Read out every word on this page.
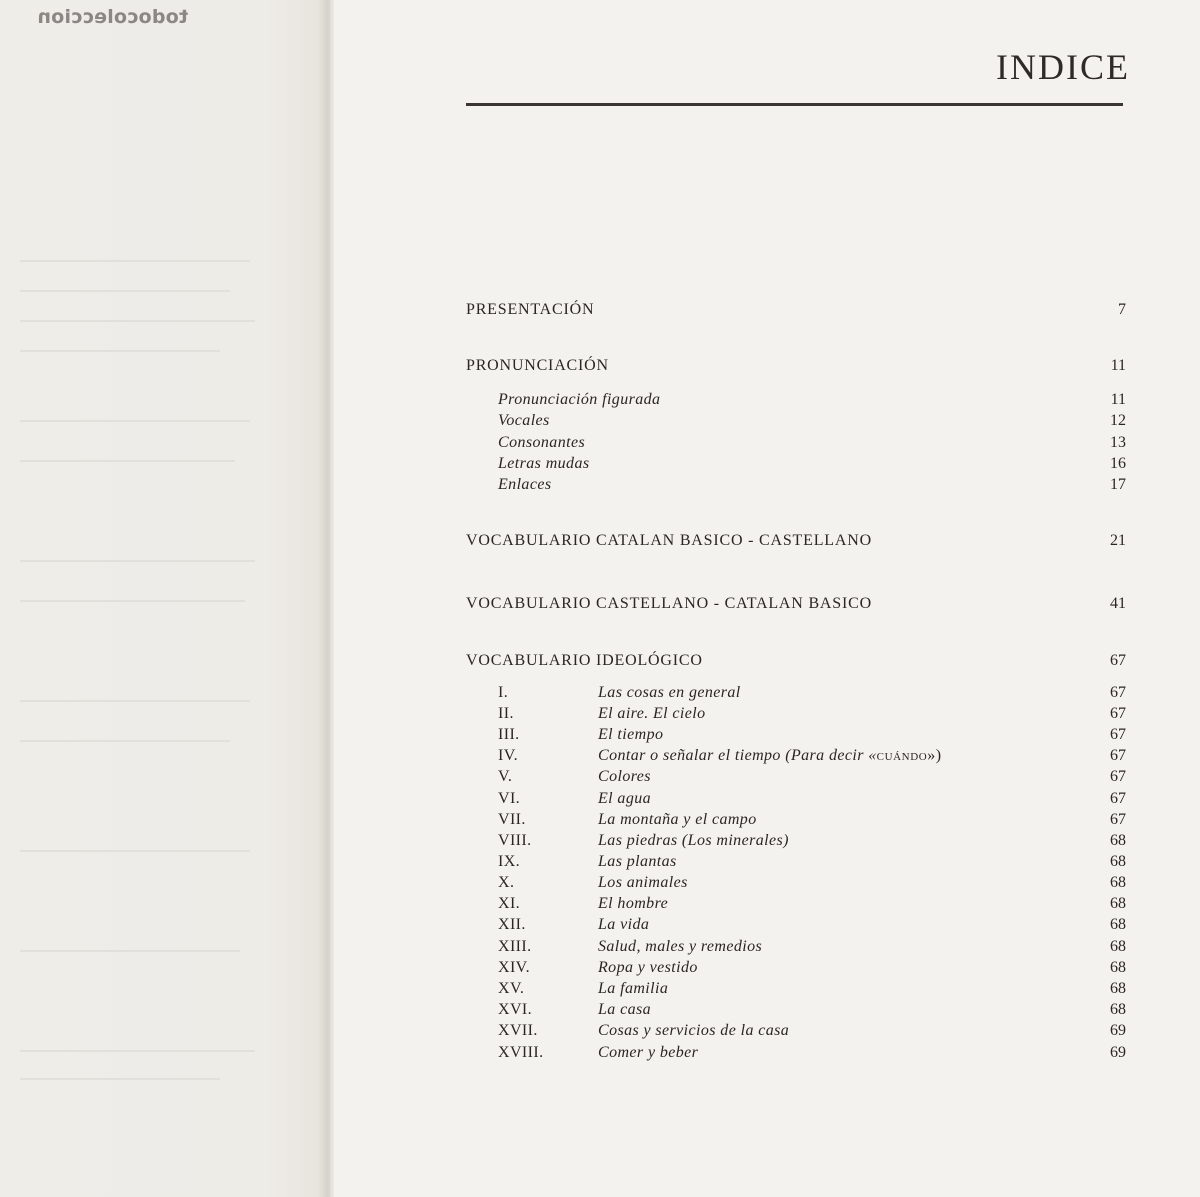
todocoleccion
INDICE
PRESENTACIÓN	7
PRONUNCIACIÓN	11
Pronunciación figurada	11
Vocales	12
Consonantes	13
Letras mudas	16
Enlaces	17
VOCABULARIO CATALAN BASICO - CASTELLANO	21
VOCABULARIO CASTELLANO - CATALAN BASICO	41
VOCABULARIO IDEOLÓGICO	67
I.	Las cosas en general	67
II.	El aire. El cielo	67
III.	El tiempo	67
IV.	Contar o señalar el tiempo (Para decir «CUÁNDO»)	67
V.	Colores	67
VI.	El agua	67
VII.	La montaña y el campo	67
VIII.	Las piedras (Los minerales)	68
IX.	Las plantas	68
X.	Los animales	68
XI.	El hombre	68
XII.	La vida	68
XIII.	Salud, males y remedios	68
XIV.	Ropa y vestido	68
XV.	La familia	68
XVI.	La casa	68
XVII.	Cosas y servicios de la casa	69
XVIII.	Comer y beber	69
